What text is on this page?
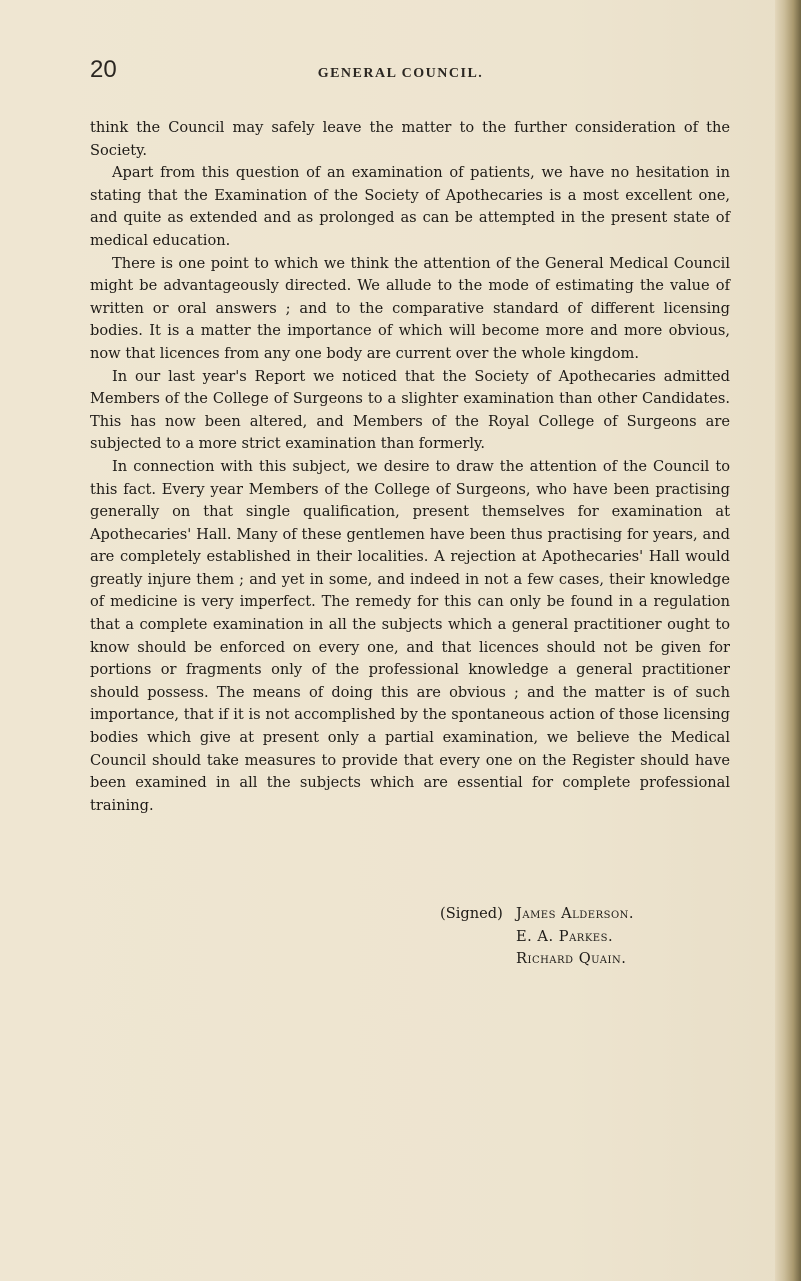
20	GENERAL COUNCIL.

think the Council may safely leave the matter to the further consideration of the Society.

Apart from this question of an examination of patients, we have no hesitation in stating that the Examination of the Society of Apothecaries is a most excellent one, and quite as extended and as prolonged as can be attempted in the present state of medical education.

There is one point to which we think the attention of the General Medical Council might be advantageously directed. We allude to the mode of estimating the value of written or oral answers ; and to the comparative standard of different licensing bodies. It is a matter the importance of which will become more and more obvious, now that licences from any one body are current over the whole kingdom.

In our last year's Report we noticed that the Society of Apothecaries admitted Members of the College of Surgeons to a slighter examination than other Candidates. This has now been altered, and Members of the Royal College of Surgeons are subjected to a more strict examination than formerly.

In connection with this subject, we desire to draw the attention of the Council to this fact. Every year Members of the College of Surgeons, who have been practising generally on that single qualification, present themselves for examination at Apothecaries' Hall. Many of these gentlemen have been thus practising for years, and are completely established in their localities. A rejection at Apothecaries' Hall would greatly injure them ; and yet in some, and indeed in not a few cases, their knowledge of medicine is very imperfect. The remedy for this can only be found in a regulation that a complete examination in all the subjects which a general practitioner ought to know should be enforced on every one, and that licences should not be given for portions or fragments only of the professional knowledge a general practitioner should possess. The means of doing this are obvious ; and the matter is of such importance, that if it is not accomplished by the spontaneous action of those licensing bodies which give at present only a partial examination, we believe the Medical Council should take measures to provide that every one on the Register should have been examined in all the subjects which are essential for complete professional training.

(Signed) James Alderson.
E. A. Parkes.
Richard Quain.
